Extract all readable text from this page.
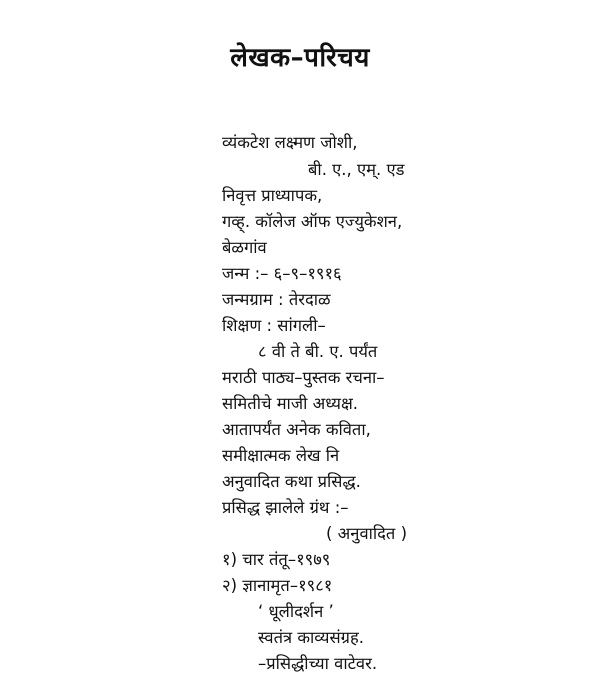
लेखक–परिचय
व्यंकटेश लक्ष्मण जोशी,
बी. ए., एम्. एड
निवृत्त प्राध्यापक,
गव्ह्. कॉलेज ऑफ एज्युकेशन,
बेळगांव
जन्म :– ६–९–१९१६
जन्मग्राम : तेरदाळ
शिक्षण : सांगली–
८ वी ते बी. ए. पर्यंत
मराठी पाठ्य–पुस्तक रचना–
समितीचे माजी अध्यक्ष.
आतापर्यंत अनेक कविता,
समीक्षात्मक लेख नि
अनुवादित कथा प्रसिद्ध.
प्रसिद्ध झालेले ग्रंथ :–
( अनुवादित )
१) चार तंतू–१९७९
२) ज्ञानामृत–१९८१
‘ धूलीदर्शन ’
स्वतंत्र काव्यसंग्रह.
–प्रसिद्धीच्या वाटेवर.
